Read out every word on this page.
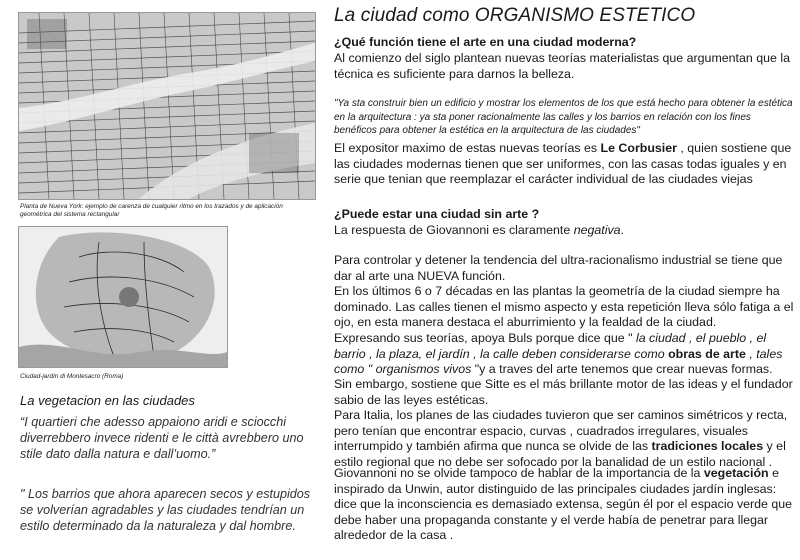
Planta de Nueva York: ejemplo de carenza de cualquier ritmo en los trazados y de aplicación geométrica del sistema rectangular
Ciudad-jardín di Montesacro (Roma)
La vegetacion en las ciudades
“I quartieri che adesso appaiono aridi e sciocchi diverrebbero invece ridenti e le città avrebbero uno stile dato dalla natura e dall’uomo.”
" Los barrios que ahora aparecen secos y estupidos se volverían agradables y las ciudades tendrían un estilo determinado da la naturaleza y dal hombre.
La ciudad como ORGANISMO ESTETICO
¿Qué función tiene el arte en una ciudad moderna?
Al comienzo del siglo plantean nuevas teorías materialistas que argumentan que la técnica es suficiente para darnos la belleza.
"Ya sta construir bien un edificio y mostrar los elementos de los que está hecho para obtener la estética en la arquitectura : ya sta poner racionalmente las calles y los barrios en relación con los fines benéficos para obtener la estética en la arquitectura de las ciudades"
El expositor maximo de estas nuevas teorías es Le Corbusier , quien sostiene que las ciudades modernas tienen que ser uniformes, con las casas todas iguales y en serie que tenian que reemplazar el carácter individual de las ciudades viejas
¿Puede estar una ciudad sin arte ?
La respuesta de Giovannoni es claramente negativa.
Para controlar y detener la tendencia del ultra-racionalismo industrial se tiene que dar al arte una NUEVA función.
En los últimos 6 o 7 décadas en las plantas la geometría de la ciudad siempre ha dominado. Las calles tienen el mismo aspecto y esta repetición lleva sólo fatiga a el ojo, en esta manera destaca el aburrimiento y la fealdad de la ciudad.
Expresando sus teorías, apoya Buls porque dice que " la ciudad , el pueblo , el barrio , la plaza, el jardín , la calle deben considerarse como obras de arte , tales como " organismos vivos "y a traves del arte tenemos que crear nuevas formas.
Sin embargo, sostiene que Sitte es el más brillante motor de las ideas y el fundador sabio de las leyes estéticas.
Para Italia, los planes de las ciudades tuvieron que ser caminos simétricos y recta, pero tenían que encontrar espacio, curvas , cuadrados irregulares, visuales interrumpido y también afirma que nunca se olvide de las tradiciones locales y el estilo regional que no debe ser sofocado por la banalidad de un estilo nacional .
Giovannoni no se olvide tampoco de hablar de la importancia de la vegetación e inspirado da Unwin, autor distinguido de las principales ciudades jardín inglesas: dice que la inconsciencia es demasiado extensa, según él por el espacio verde que debe haber una propaganda constante y el verde había de penetrar para llegar alrededor de la casa .
